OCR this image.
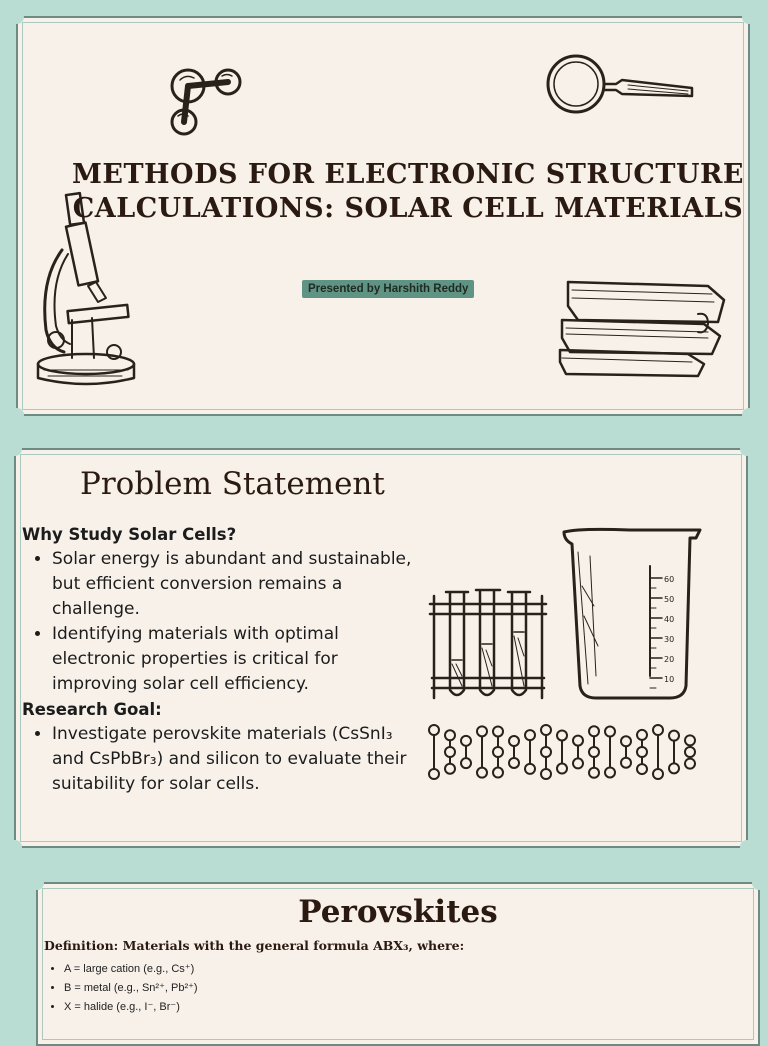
METHODS FOR ELECTRONIC STRUCTURE CALCULATIONS: SOLAR CELL MATERIALS
Presented by Harshith Reddy
Problem Statement
Why Study Solar Cells?
• Solar energy is abundant and sustainable, but efficient conversion remains a challenge.
• Identifying materials with optimal electronic properties is critical for improving solar cell efficiency.
Research Goal:
• Investigate perovskite materials (CsSnI₃ and CsPbBr₃) and silicon to evaluate their suitability for solar cells.
60
50
40
30
20
10
Perovskites
Definition: Materials with the general formula ABX₃, where:
• A = large cation (e.g., Cs⁺)
• B = metal (e.g., Sn²⁺, Pb²⁺)
• X = halide (e.g., I⁻, Br⁻)
